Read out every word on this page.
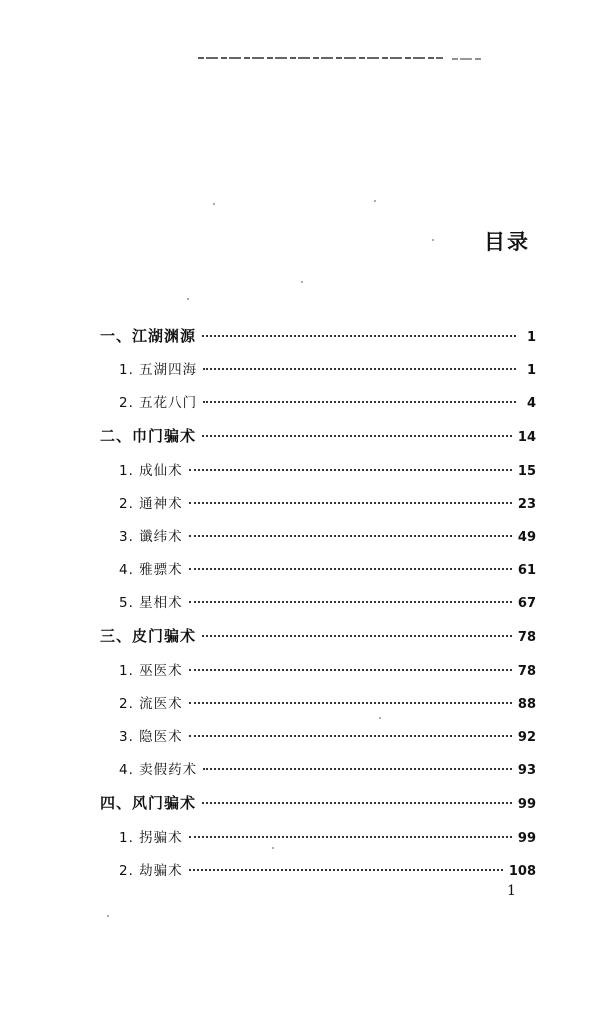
目录
一、江湖渊源	1
1. 五湖四海	1
2. 五花八门	4
二、巾门骗术	14
1. 成仙术	15
2. 通神术	23
3. 谶纬术	49
4. 雅骠术	61
5. 星相术	67
三、皮门骗术	78
1. 巫医术	78
2. 流医术	88
3. 隐医术	92
4. 卖假药术	93
四、风门骗术	99
1. 拐骗术	99
2. 劫骗术	108
1
